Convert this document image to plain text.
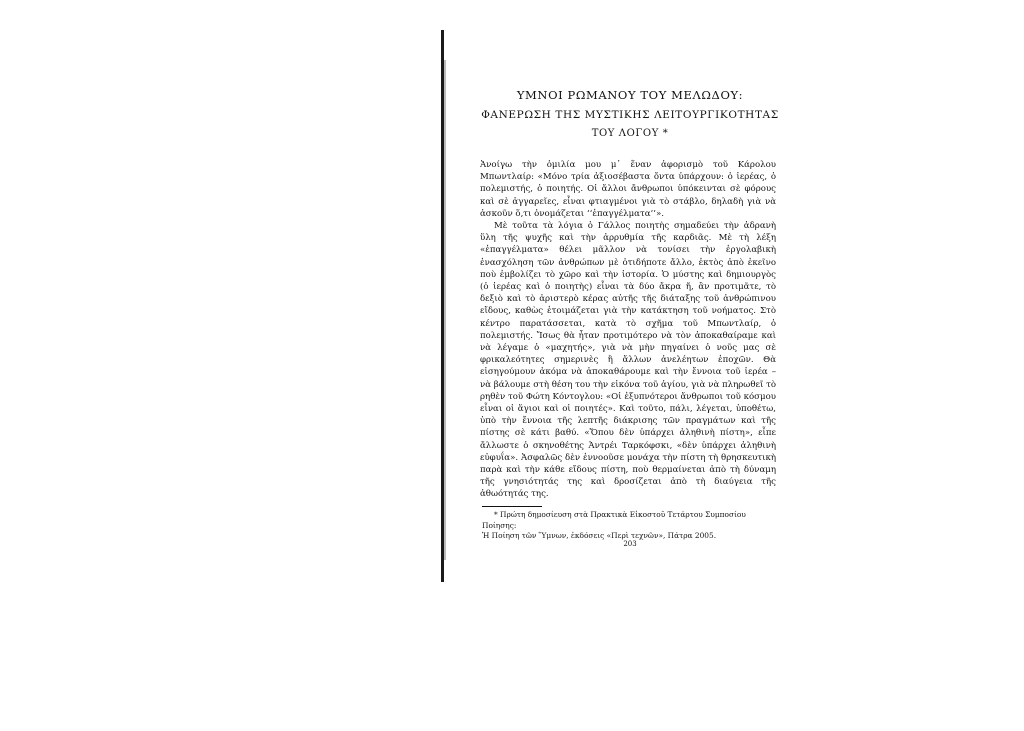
ΥΜΝΟΙ ΡΩΜΑΝΟΥ ΤΟΥ ΜΕΛΩΔΟΥ:
ΦΑΝΕΡΩΣΗ ΤΗΣ ΜΥΣΤΙΚΗΣ ΛΕΙΤΟΥΡΓΙΚΟΤΗΤΑΣ
ΤΟΥ ΛΟΓΟΥ *

Ἀνοίγω τὴν ὁμιλία μου μ᾽ ἕναν ἀφορισμὸ τοῦ Κάρολου Μπωντλαίρ: «Μόνο τρία ἀξιοσέβαστα ὄντα ὑπάρχουν: ὁ ἱερέας, ὁ πολεμιστής, ὁ ποιητής. Οἱ ἄλλοι ἄνθρωποι ὑπόκεινται σὲ φόρους καὶ σὲ ἀγγαρεῖες, εἶναι φτιαγμένοι γιὰ τὸ στάβλο, δηλαδὴ γιὰ νὰ ἀσκοῦν ὅ,τι ὀνομάζεται ‘‘ἐπαγγέλματα’’».

Μὲ τοῦτα τὰ λόγια ὁ Γάλλος ποιητὴς σημαδεύει τὴν ἀδρανὴ ὕλη τῆς ψυχῆς καὶ τὴν ἀρρυθμία τῆς καρδιᾶς. Μὲ τὴ λέξη «ἐπαγγέλματα» θέλει μᾶλλον νὰ τονίσει τὴν ἐργολαβικὴ ἐνασχόληση τῶν ἀνθρώπων μὲ ὁτιδήποτε ἄλλο, ἐκτὸς ἀπὸ ἐκεῖνο ποὺ ἐμβολίζει τὸ χῶρο καὶ τὴν ἱστορία. Ὁ μύστης καὶ δημιουργὸς (ὁ ἱερέας καὶ ὁ ποιητὴς) εἶναι τὰ δύο ἄκρα ἤ, ἂν προτιμᾶτε, τὸ δεξιὸ καὶ τὸ ἀριστερὸ κέρας αὐτῆς τῆς διάταξης τοῦ ἀνθρώπινου εἴδους, καθὼς ἑτοιμάζεται γιὰ τὴν κατάκτηση τοῦ νοήματος. Στὸ κέντρο παρατάσσεται, κατὰ τὸ σχῆμα τοῦ Μπωντλαίρ, ὁ πολεμιστής. Ἴσως θὰ ἦταν προτιμότερο νὰ τὸν ἀποκαθαίραμε καὶ νὰ λέγαμε ὁ «μαχητής», γιὰ νὰ μὴν πηγαίνει ὁ νοῦς μας σὲ φρικαλεότητες σημερινὲς ἢ ἄλλων ἀνελέητων ἐποχῶν. Θὰ εἰσηγούμουν ἀκόμα νὰ ἀποκαθάρουμε καὶ τὴν ἔννοια τοῦ ἱερέα – νὰ βάλουμε στὴ θέση του τὴν εἰκόνα τοῦ ἁγίου, γιὰ νὰ πληρωθεῖ τὸ ρηθὲν τοῦ Φώτη Κόντογλου: «Οἱ ἐξυπνότεροι ἄνθρωποι τοῦ κόσμου εἶναι οἱ ἅγιοι καὶ οἱ ποιητές». Καὶ τοῦτο, πάλι, λέγεται, ὑποθέτω, ὑπὸ τὴν ἔννοια τῆς λεπτῆς διάκρισης τῶν πραγμάτων καὶ τῆς πίστης σὲ κάτι βαθύ. «Ὅπου δὲν ὑπάρχει ἀληθινὴ πίστη», εἶπε ἄλλωστε ὁ σκηνοθέτης Ἀντρέι Ταρκόφσκι, «δὲν ὑπάρχει ἀληθινὴ εὐφυΐα». Ἀσφαλῶς δὲν ἐννοοῦσε μονάχα τὴν πίστη τὴ θρησκευτικὴ παρὰ καὶ τὴν κάθε εἴδους πίστη, ποὺ θερμαίνεται ἀπὸ τὴ δύναμη τῆς γνησιότητάς της καὶ δροσίζεται ἀπὸ τὴ διαύγεια τῆς ἀθωότητάς της.

* Πρώτη δημοσίευση στὰ Πρακτικὰ Εἰκοστοῦ Τετάρτου Συμποσίου Ποίησης:

Ἡ Ποίηση τῶν Ὕμνων, ἐκδόσεις «Περὶ τεχνῶν», Πάτρα 2005.

203
